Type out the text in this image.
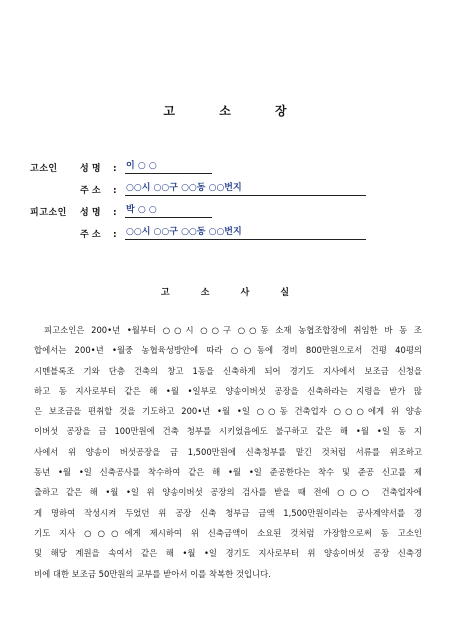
고	소	장
고소인	성 명	:	이 ○ ○
주 소	:	○○시 ○○구 ○○동 ○○번지
피고소인	성 명	:	박 ○ ○
주 소	:	○○시 ○○구 ○○동 ○○번지
고	소	사	실
피고소인은 200•년 •월부터 ○○시 ○○구 ○○동 소재 농협조합장에 취임한 바 동 조
합에서는 200•년 •월중 농협육성방안에 따라 ○○동에 경비 800만원으로서 건평 40평의
시멘블록조 기와 단층 건축의 창고 1동을 신축하게 되어 경기도 지사에서 보조금 신청을
하고 동 지사로부터 같은 해 •월 •일부로 양송이버섯 공장을 신축하라는 지령을 받가 많
은 보조금을 편취할 것을 기도하고 200•년 •월 •일 ○○동 건축업자 ○○○에게 위 양송
이버섯 공장을 금 100만원에 건축 청부를 시키었음에도 불구하고 같은 해 •월 •일 동 지
사에서 위 양송이 버섯공장을 금 1,500만원에 신축청부를 맡긴 것처럼 서류를 위조하고
동년 •월 •일 신축공사를 착수하여 같은 해 •월 •일 준공한다는 착수 및 준공 신고를 제
출하고 같은 해 •월 •일 위 양송이버섯 공장의 검사를 받을 때 전에 ○○○ 건축업자에
게 명하여 작성시켜 두었던 위 공장 신축 청부금 금액 1,500만원이라는 공사계약서를 경
기도 지사 ○○○에게 제시하여 위 신축금액이 소요된 것처럼 가장함으로써 동 고소인
및 해당 계원을 속여서 같은 해 •월 •일 경기도 지사로부터 위 양송이버섯 공장 신축경
비에 대한 보조금 50만원의 교부를 받아서 이를 착복한 것입니다.
